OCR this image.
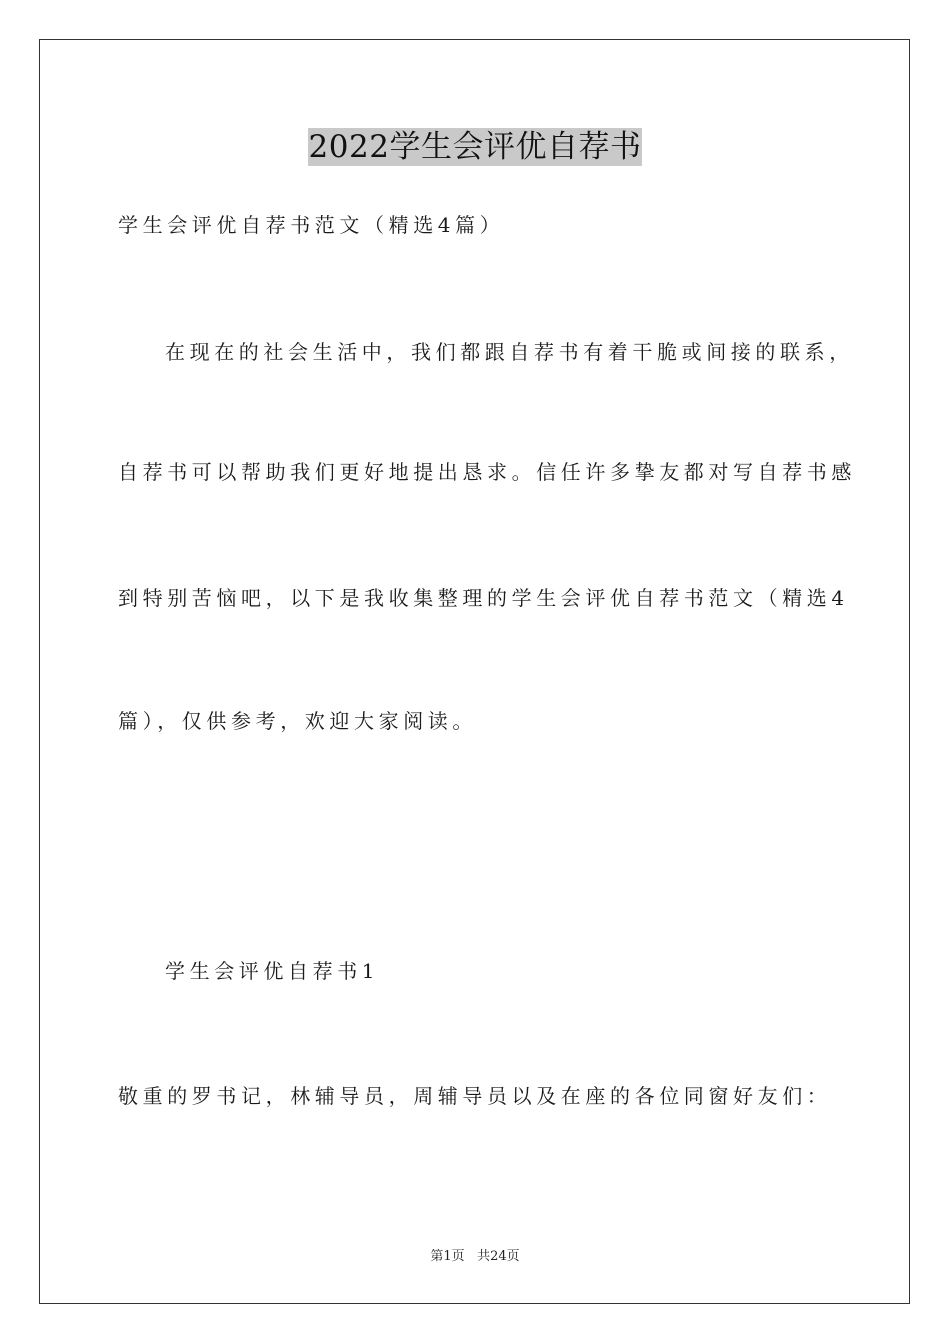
2022学生会评优自荐书
学生会评优自荐书范文（精选4篇）
在现在的社会生活中，我们都跟自荐书有着干脆或间接的联系，
自荐书可以帮助我们更好地提出恳求。信任许多挚友都对写自荐书感
到特别苦恼吧，以下是我收集整理的学生会评优自荐书范文（精选4
篇），仅供参考，欢迎大家阅读。
学生会评优自荐书1
敬重的罗书记，林辅导员，周辅导员以及在座的各位同窗好友们：
第1页 共24页
